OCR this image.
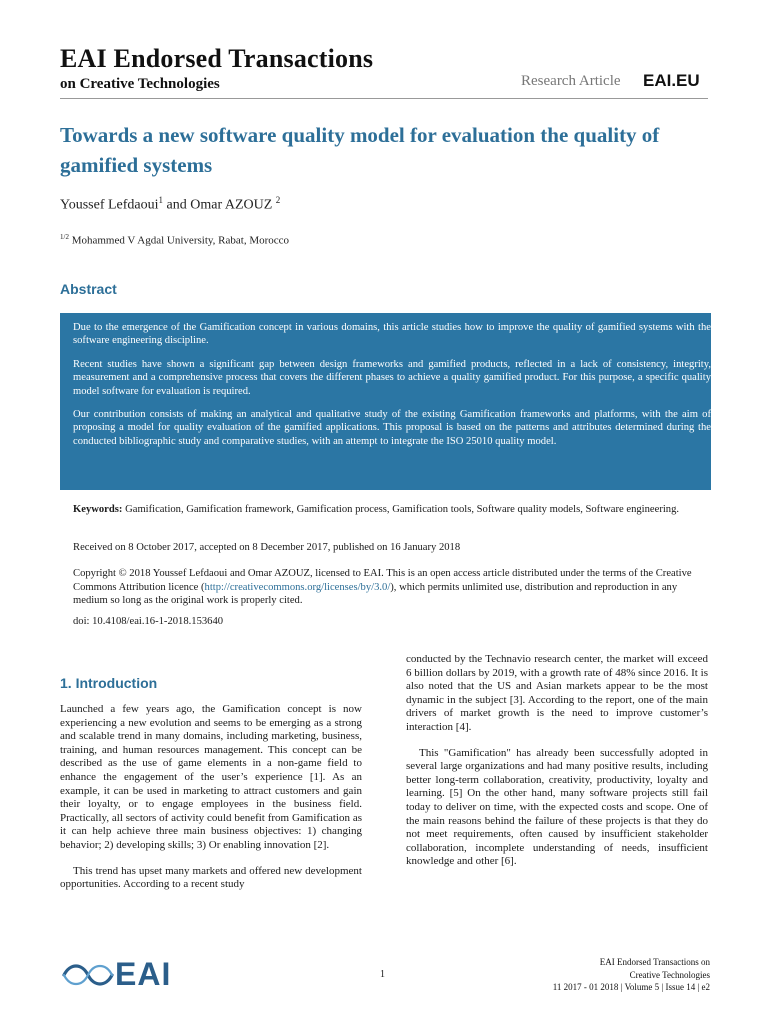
EAI Endorsed Transactions
on Creative Technologies	Research Article EAI.EU
Towards a new software quality model for evaluation the quality of gamified systems
Youssef Lefdaoui$^1$ and Omar AZOUZ $^2$
$^{1/2}$ Mohammed V Agdal University, Rabat, Morocco
Abstract

Due to the emergence of the Gamification concept in various domains, this article studies how to improve the quality of gamified systems with the software engineering discipline.

Recent studies have shown a significant gap between design frameworks and gamified products, reflected in a lack of consistency, integrity, measurement and a comprehensive process that covers the different phases to achieve a quality gamified product. For this purpose, a specific quality model software for evaluation is required.

Our contribution consists of making an analytical and qualitative study of the existing Gamification frameworks and platforms, with the aim of proposing a model for quality evaluation of the gamified applications. This proposal is based on the patterns and attributes determined during the conducted bibliographic study and comparative studies, with an attempt to integrate the ISO 25010 quality model.

Keywords: Gamification, Gamification framework, Gamification process, Gamification tools, Software quality models, Software engineering.
Received on 8 October 2017, accepted on 8 December 2017, published on 16 January 2018
Copyright © 2018 Youssef Lefdaoui and Omar AZOUZ, licensed to EAI. This is an open access article distributed under the terms of the Creative Commons Attribution licence (http://creativecommons.org/licenses/by/3.0/), which permits unlimited use, distribution and reproduction in any medium so long as the original work is properly cited.
doi: 10.4108/eai.16-1-2018.153640
1. Introduction

Launched a few years ago, the Gamification concept is now experiencing a new evolution and seems to be emerging as a strong and scalable trend in many domains, including marketing, business, training, and human resources management. This concept can be described as the use of game elements in a non-game field to enhance the engagement of the user’s experience [1]. As an example, it can be used in marketing to attract customers and gain their loyalty, or to engage employees in the business field. Practically, all sectors of activity could benefit from Gamification as it can help achieve three main business objectives: 1) changing behavior; 2) developing skills; 3) Or enabling innovation [2].

This trend has upset many markets and offered new development opportunities. According to a recent study

conducted by the Technavio research center, the market will exceed 6 billion dollars by 2019, with a growth rate of 48% since 2016. It is also noted that the US and Asian markets appear to be the most dynamic in the subject [3]. According to the report, one of the main drivers of market growth is the need to improve customer’s interaction [4].

This "Gamification" has already been successfully adopted in several large organizations and had many positive results, including better long-term collaboration, creativity, productivity, loyalty and learning. [5] On the other hand, many software projects still fail today to deliver on time, with the expected costs and scope. One of the main reasons behind the failure of these projects is that they do not meet requirements, often caused by insufficient stakeholder collaboration, incomplete understanding of needs, insufficient knowledge and other [6].

EAI	1
EAI Endorsed Transactions on
Creative Technologies
11 2017 - 01 2018 | Volume 5 | Issue 14 | e2
